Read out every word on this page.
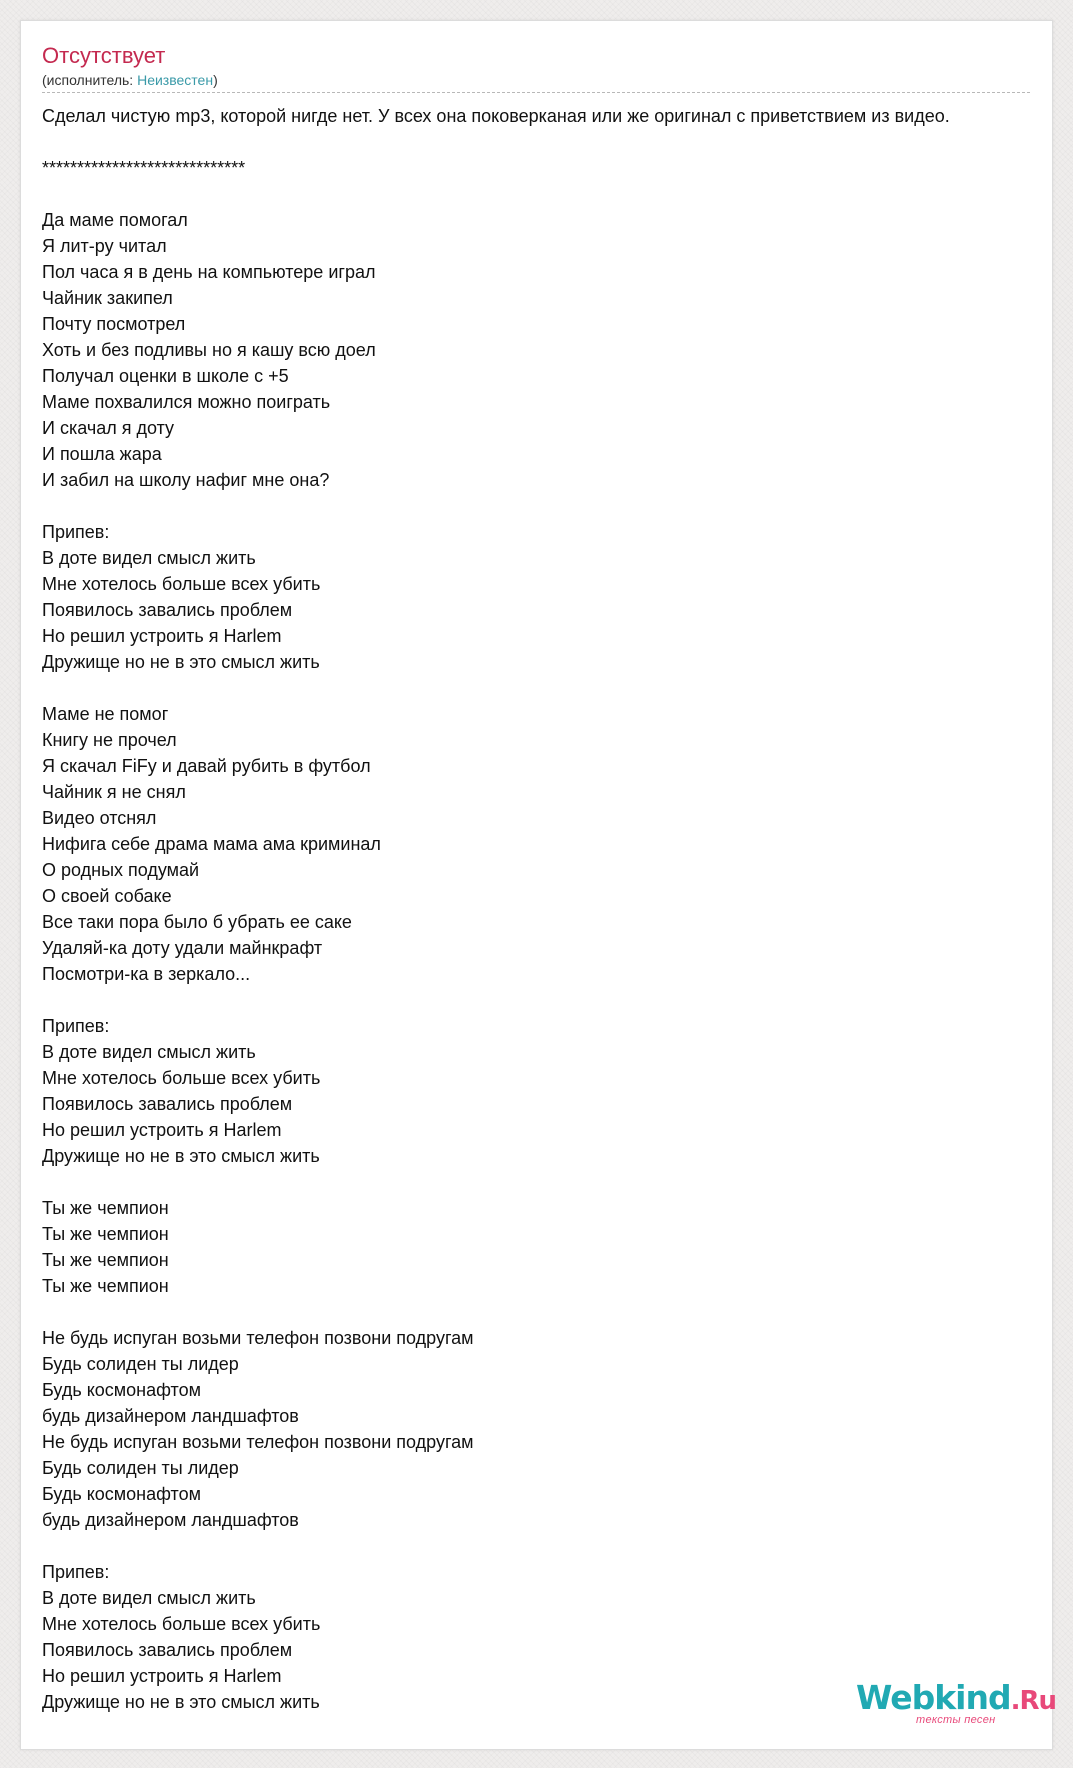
Отсутствует
(исполнитель: Неизвестен)
Сделал чистую mp3, которой нигде нет. У всех она поковерканая или же оригинал с приветствием из видео.
*****************************
Да маме помогал
Я лит-ру читал
Пол часа я в день на компьютере играл
Чайник закипел
Почту посмотрел
Хоть и без подливы но я кашу всю доел
Получал оценки в школе с +5
Маме похвалился можно поиграть
И скачал я доту
И пошла жара
И забил на школу нафиг мне она?
Припев:
В доте видел смысл жить
Мне хотелось больше всех убить
Появилось завались проблем
Но решил устроить я Harlem
Дружище но не в это смысл жить
Маме не помог
Книгу не прочел
Я скачал FiFy и давай рубить в футбол
Чайник я не снял
Видео отснял
Нифига себе драма мама ама криминал
О родных подумай
О своей собаке
Все таки пора было б убрать ее саке
Удаляй-ка доту удали майнкрафт
Посмотри-ка в зеркало...
Припев:
В доте видел смысл жить
Мне хотелось больше всех убить
Появилось завались проблем
Но решил устроить я Harlem
Дружище но не в это смысл жить
Ты же чемпион
Ты же чемпион
Ты же чемпион
Ты же чемпион
Не будь испуган возьми телефон позвони подругам
Будь солиден ты лидер
Будь космонафтом
будь дизайнером ландшафтов
Не будь испуган возьми телефон позвони подругам
Будь солиден ты лидер
Будь космонафтом
будь дизайнером ландшафтов
Припев:
В доте видел смысл жить
Мне хотелось больше всех убить
Появилось завались проблем
Но решил устроить я Harlem
Дружище но не в это смысл жить	Webkind.Ru
тексты песен
